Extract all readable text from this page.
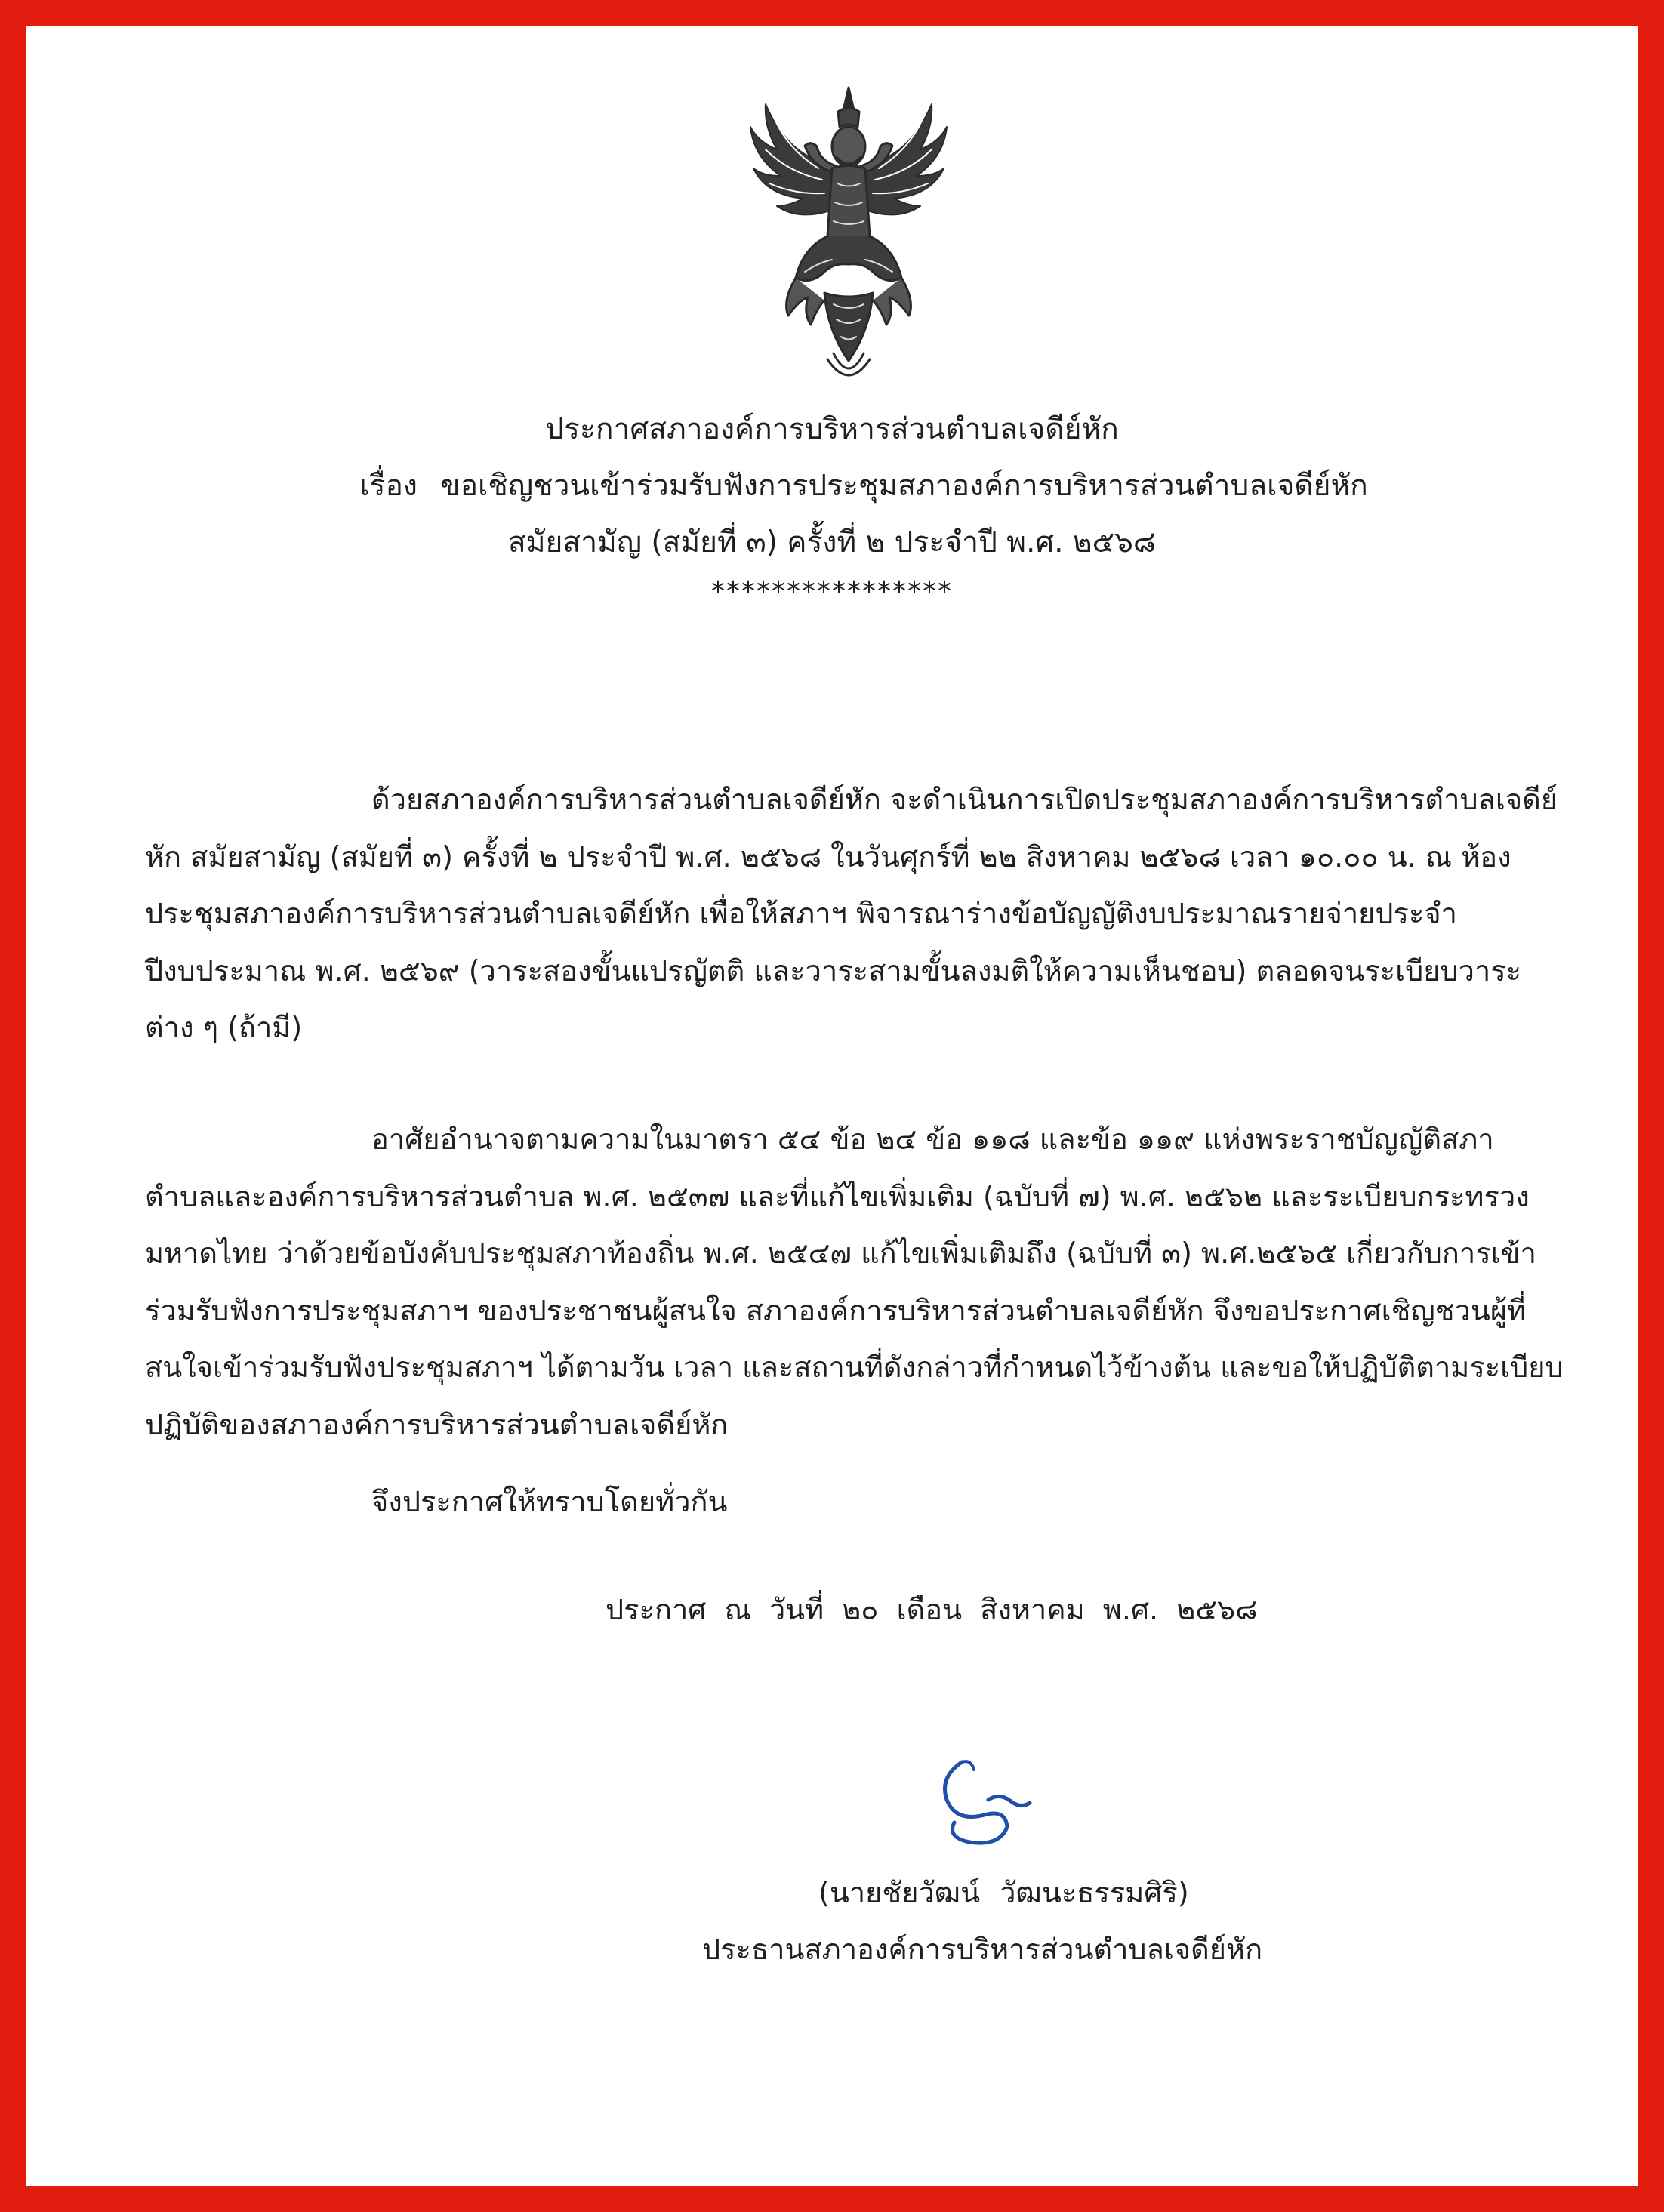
ประกาศสภาองค์การบริหารส่วนตำบลเจดีย์หัก
เรื่อง ขอเชิญชวนเข้าร่วมรับฟังการประชุมสภาองค์การบริหารส่วนตำบลเจดีย์หัก
สมัยสามัญ (สมัยที่ ๓) ครั้งที่ ๒ ประจำปี พ.ศ. ๒๕๖๘
****************

ด้วยสภาองค์การบริหารส่วนตำบลเจดีย์หัก จะดำเนินการเปิดประชุมสภาองค์การบริหารตำบลเจดีย์หัก สมัยสามัญ (สมัยที่ ๓) ครั้งที่ ๒ ประจำปี พ.ศ. ๒๕๖๘ ในวันศุกร์ที่ ๒๒ สิงหาคม ๒๕๖๘ เวลา ๑๐.๐๐ น. ณ ห้องประชุมสภาองค์การบริหารส่วนตำบลเจดีย์หัก เพื่อให้สภาฯ พิจารณาร่างข้อบัญญัติงบประมาณรายจ่ายประจำปีงบประมาณ พ.ศ. ๒๕๖๙ (วาระสองขั้นแปรญัตติ และวาระสามขั้นลงมติให้ความเห็นชอบ) ตลอดจนระเบียบวาระต่าง ๆ (ถ้ามี)

อาศัยอำนาจตามความในมาตรา ๕๔ ข้อ ๒๔ ข้อ ๑๑๘ และข้อ ๑๑๙ แห่งพระราชบัญญัติสภาตำบลและองค์การบริหารส่วนตำบล พ.ศ. ๒๕๓๗ และที่แก้ไขเพิ่มเติม (ฉบับที่ ๗) พ.ศ. ๒๕๖๒ และระเบียบกระทรวงมหาดไทย ว่าด้วยข้อบังคับประชุมสภาท้องถิ่น พ.ศ. ๒๕๔๗ แก้ไขเพิ่มเติมถึง (ฉบับที่ ๓) พ.ศ.๒๕๖๕ เกี่ยวกับการเข้าร่วมรับฟังการประชุมสภาฯ ของประชาชนผู้สนใจ สภาองค์การบริหารส่วนตำบลเจดีย์หัก จึงขอประกาศเชิญชวนผู้ที่สนใจเข้าร่วมรับฟังประชุมสภาฯ ได้ตามวัน เวลา และสถานที่ดังกล่าวที่กำหนดไว้ข้างต้น และขอให้ปฏิบัติตามระเบียบปฏิบัติของสภาองค์การบริหารส่วนตำบลเจดีย์หัก

จึงประกาศให้ทราบโดยทั่วกัน
ประกาศ ณ วันที่ ๒๐ เดือน สิงหาคม พ.ศ. ๒๕๖๘
(นายชัยวัฒน์ วัฒนะธรรมศิริ)
ประธานสภาองค์การบริหารส่วนตำบลเจดีย์หัก
